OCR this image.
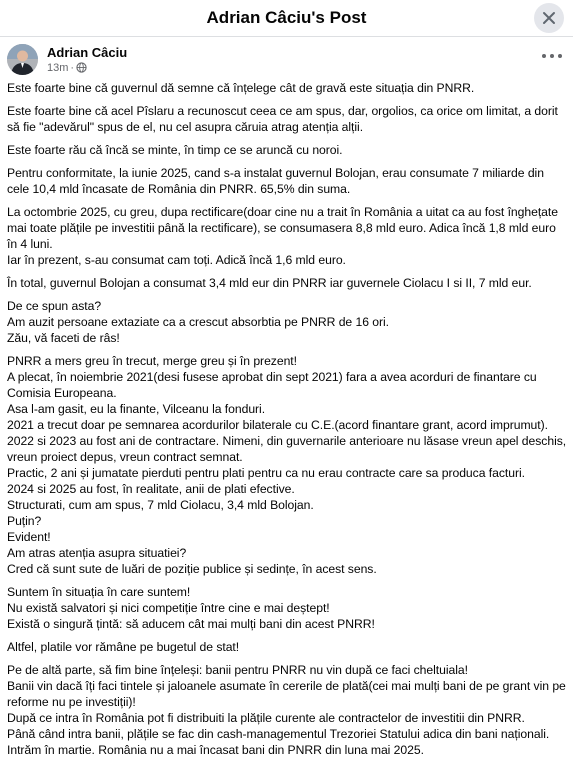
Adrian Câciu's Post
Adrian Câciu
13m ·

Este foarte bine că guvernul dă semne că înțelege cât de gravă este situația din PNRR.

Este foarte bine că acel Pîslaru a recunoscut ceea ce am spus, dar, orgolios, ca orice om limitat, a dorit să fie "adevărul" spus de el, nu cel asupra căruia atrag atenția alții.

Este foarte rău că încă se minte, în timp ce se aruncă cu noroi.

Pentru conformitate, la iunie 2025, cand s-a instalat guvernul Bolojan, erau consumate 7 miliarde din cele 10,4 mld încasate de România din PNRR. 65,5% din suma.

La octombrie 2025, cu greu, dupa rectificare(doar cine nu a trait în România a uitat ca au fost înghețate mai toate plățile pe investitii până la rectificare), se consumasera 8,8 mld euro. Adica încă 1,8 mld euro în 4 luni.
Iar în prezent, s-au consumat cam toți. Adică încă 1,6 mld euro.

În total, guvernul Bolojan a consumat 3,4 mld eur din PNRR iar guvernele Ciolacu I si II, 7 mld eur.

De ce spun asta?
Am auzit persoane extaziate ca a crescut absorbtia pe PNRR de 16 ori.
Zău, vă faceti de râs!

PNRR a mers greu în trecut, merge greu și în prezent!
A plecat, în noiembrie 2021(desi fusese aprobat din sept 2021) fara a avea acorduri de finantare cu Comisia Europeana.
Asa l-am gasit, eu la finante, Vilceanu la fonduri.
2021 a trecut doar pe semnarea acordurilor bilaterale cu C.E.(acord finantare grant, acord imprumut).
2022 si 2023 au fost ani de contractare. Nimeni, din guvernarile anterioare nu lăsase vreun apel deschis, vreun proiect depus, vreun contract semnat.
Practic, 2 ani și jumatate pierduti pentru plati pentru ca nu erau contracte care sa produca facturi.
2024 si 2025 au fost, în realitate, anii de plati efective.
Structurati, cum am spus, 7 mld Ciolacu, 3,4 mld Bolojan.
Puțin?
Evident!
Am atras atenția asupra situatiei?
Cred că sunt sute de luări de poziție publice și sedințe, în acest sens.

Suntem în situația în care suntem!
Nu există salvatori și nici competiție între cine e mai deștept!
Există o singură țintă: să aducem cât mai mulți bani din acest PNRR!

Altfel, platile vor rămâne pe bugetul de stat!

Pe de altă parte, să fim bine înțeleși: banii pentru PNRR nu vin după ce faci cheltuiala!
Banii vin dacă îți faci tintele și jaloanele asumate în cererile de plată(cei mai mulți bani de pe grant vin pe reforme nu pe investiții)!
După ce intra în România pot fi distribuiti la plățile curente ale contractelor de investitii din PNRR.
Până când intra banii, plățile se fac din cash-managementul Trezoriei Statului adica din bani naționali.
Intrăm în martie. România nu a mai încasat bani din PNRR din luna mai 2025.
